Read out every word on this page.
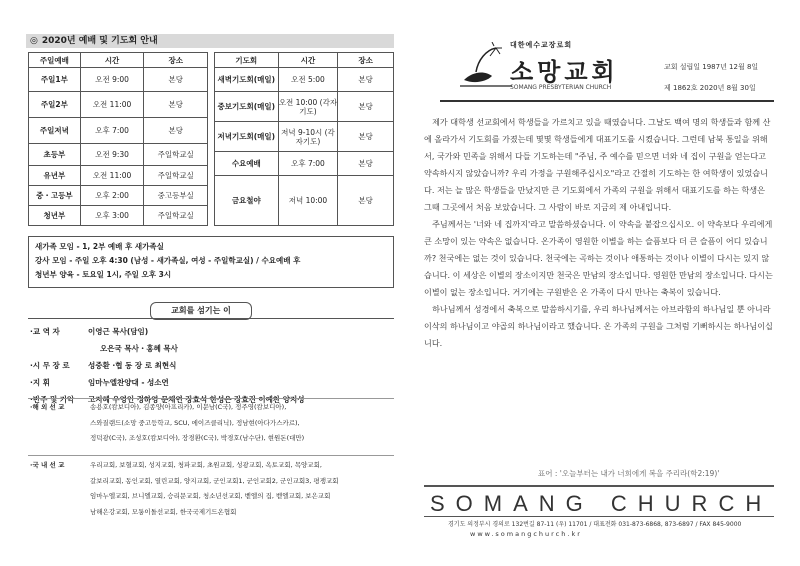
◎ 2020년 예배 및 기도회 안내
주일예배	시간	장소
주일1부	오전 9:00	본당
주일2부	오전 11:00	본당
주일저녁	오후 7:00	본당
초등부	오전 9:30	주일학교실
유년부	오전 11:00	주일학교실
중・고등부	오후 2:00	중고등부실
청년부	오후 3:00	주일학교실
기도회	시간	장소
새벽기도회(매일)	오전 5:00	본당
중보기도회(매일)	오전 10:00 (각자기도)	본당
저녁기도회(매일)	저녁 9-10시 (각자기도)	본당
수요예배	오후 7:00	본당
금요철야	저녁 10:00	본당
새가족 모임 - 1, 2부 예배 후 새가족실
강사 모임 - 주일 오후 4:30 (남성 - 새가족실, 여성 - 주일학교실) / 수요예배 후
청년부 양육 - 토요일 1시, 주일 오후 3시
교회를 섬기는 이
·교 역 자	이영근 목사(담임)
오은국 목사・홍혜 목사
·시 무 장 로 성중환 ·협 동 장 로 최현식
·지 휘	임마누엘찬양대 - 성소연
·반주 및 기악 고지혜 우영인 정하영 문채연 장효석 한성은 장효진 이예찬 양지성
·해 외 선 교	송용호(캄보디아), 김종양(아프리카), 이문남(C국), 정주영(캄보디아),
스와질랜드(소망 중고등학교, SCU, 에이즈클리닉), 정남현(아다가스카르),
정덕광(C국), 조성호(캄보디아), 장경환(C국), 박경호(남수단), 현원돈(대만)
·국 내 선 교	우리교회, 보혈교회, 성지교회, 청파교회, 초원교회, 성광교회, 옥토교회, 목양교회,
갈보리교회, 동인교회, 열린교회, 양지교회, 군인교회1, 군인교회2, 군인교회3, 평쟁교회
임마누엘교회, 브니엘교회, 승리문교회, 청소년선교회, 벧엘의 집, 벧엘교회, 보은교회
남해은강교회, 모퉁이돌선교회, 한국국제기드온협회
대한예수교장로회
소망교회
SOMANG PRESBYTERIAN CHURCH
교회 설립일 1987년 12월 8일
제 1862호 2020년 8월 30일

제가 대학생 선교회에서 학생들을 가르치고 있을 때였습니다. 그날도 백여 명의 학생들과 함께 산에 올라가서 기도회를 가졌는데 몇몇 학생들에게 대표기도를 시켰습니다. 그런데 남북 통일을 위해서, 국가와 민족을 위해서 다들 기도하는데 "주님, 주 예수를 믿으면 너와 네 집이 구원을 얻는다고 약속하시지 않았습니까? 우리 가정을 구원해주십시오"라고 간절히 기도하는 한 여학생이 있었습니다. 저는 늘 많은 학생들을 만났지만 큰 기도회에서 가족의 구원을 위해서 대표기도를 하는 학생은 그때 그곳에서 처음 보았습니다. 그 사람이 바로 지금의 제 아내입니다.

주님께서는 '너와 네 집까지'라고 말씀하셨습니다. 이 약속을 붙잡으십시오. 이 약속보다 우리에게 큰 소망이 있는 약속은 없습니다. 온가족이 영원한 이별을 하는 슬픔보다 더 큰 슬픔이 어디 있습니까? 천국에는 없는 것이 있습니다. 천국에는 곡하는 것이나 애통하는 것이나 이별이 다시는 있지 않습니다. 이 세상은 이별의 장소이지만 천국은 만남의 장소입니다. 영원한 만남의 장소입니다. 다시는 이별이 없는 장소입니다. 거기에는 구원받은 온 가족이 다시 만나는 축복이 있습니다.

하나님께서 성경에서 축복으로 말씀하시기를, 우리 하나님께서는 아브라함의 하나님일 뿐 아니라 이삭의 하나님이고 야곱의 하나님이라고 했습니다. 온 가족의 구원을 그처럼 기뻐하시는 하나님이십니다.

표어 : '오늘부터는 내가 너희에게 복을 주리라(학2:19)'
SOMANG CHURCH
경기도 의정부시 경의로 132번길 87-11 (우) 11701 / 대표전화 031-873-6868, 873-6897 / FAX 845-9000
www.somangchurch.kr
